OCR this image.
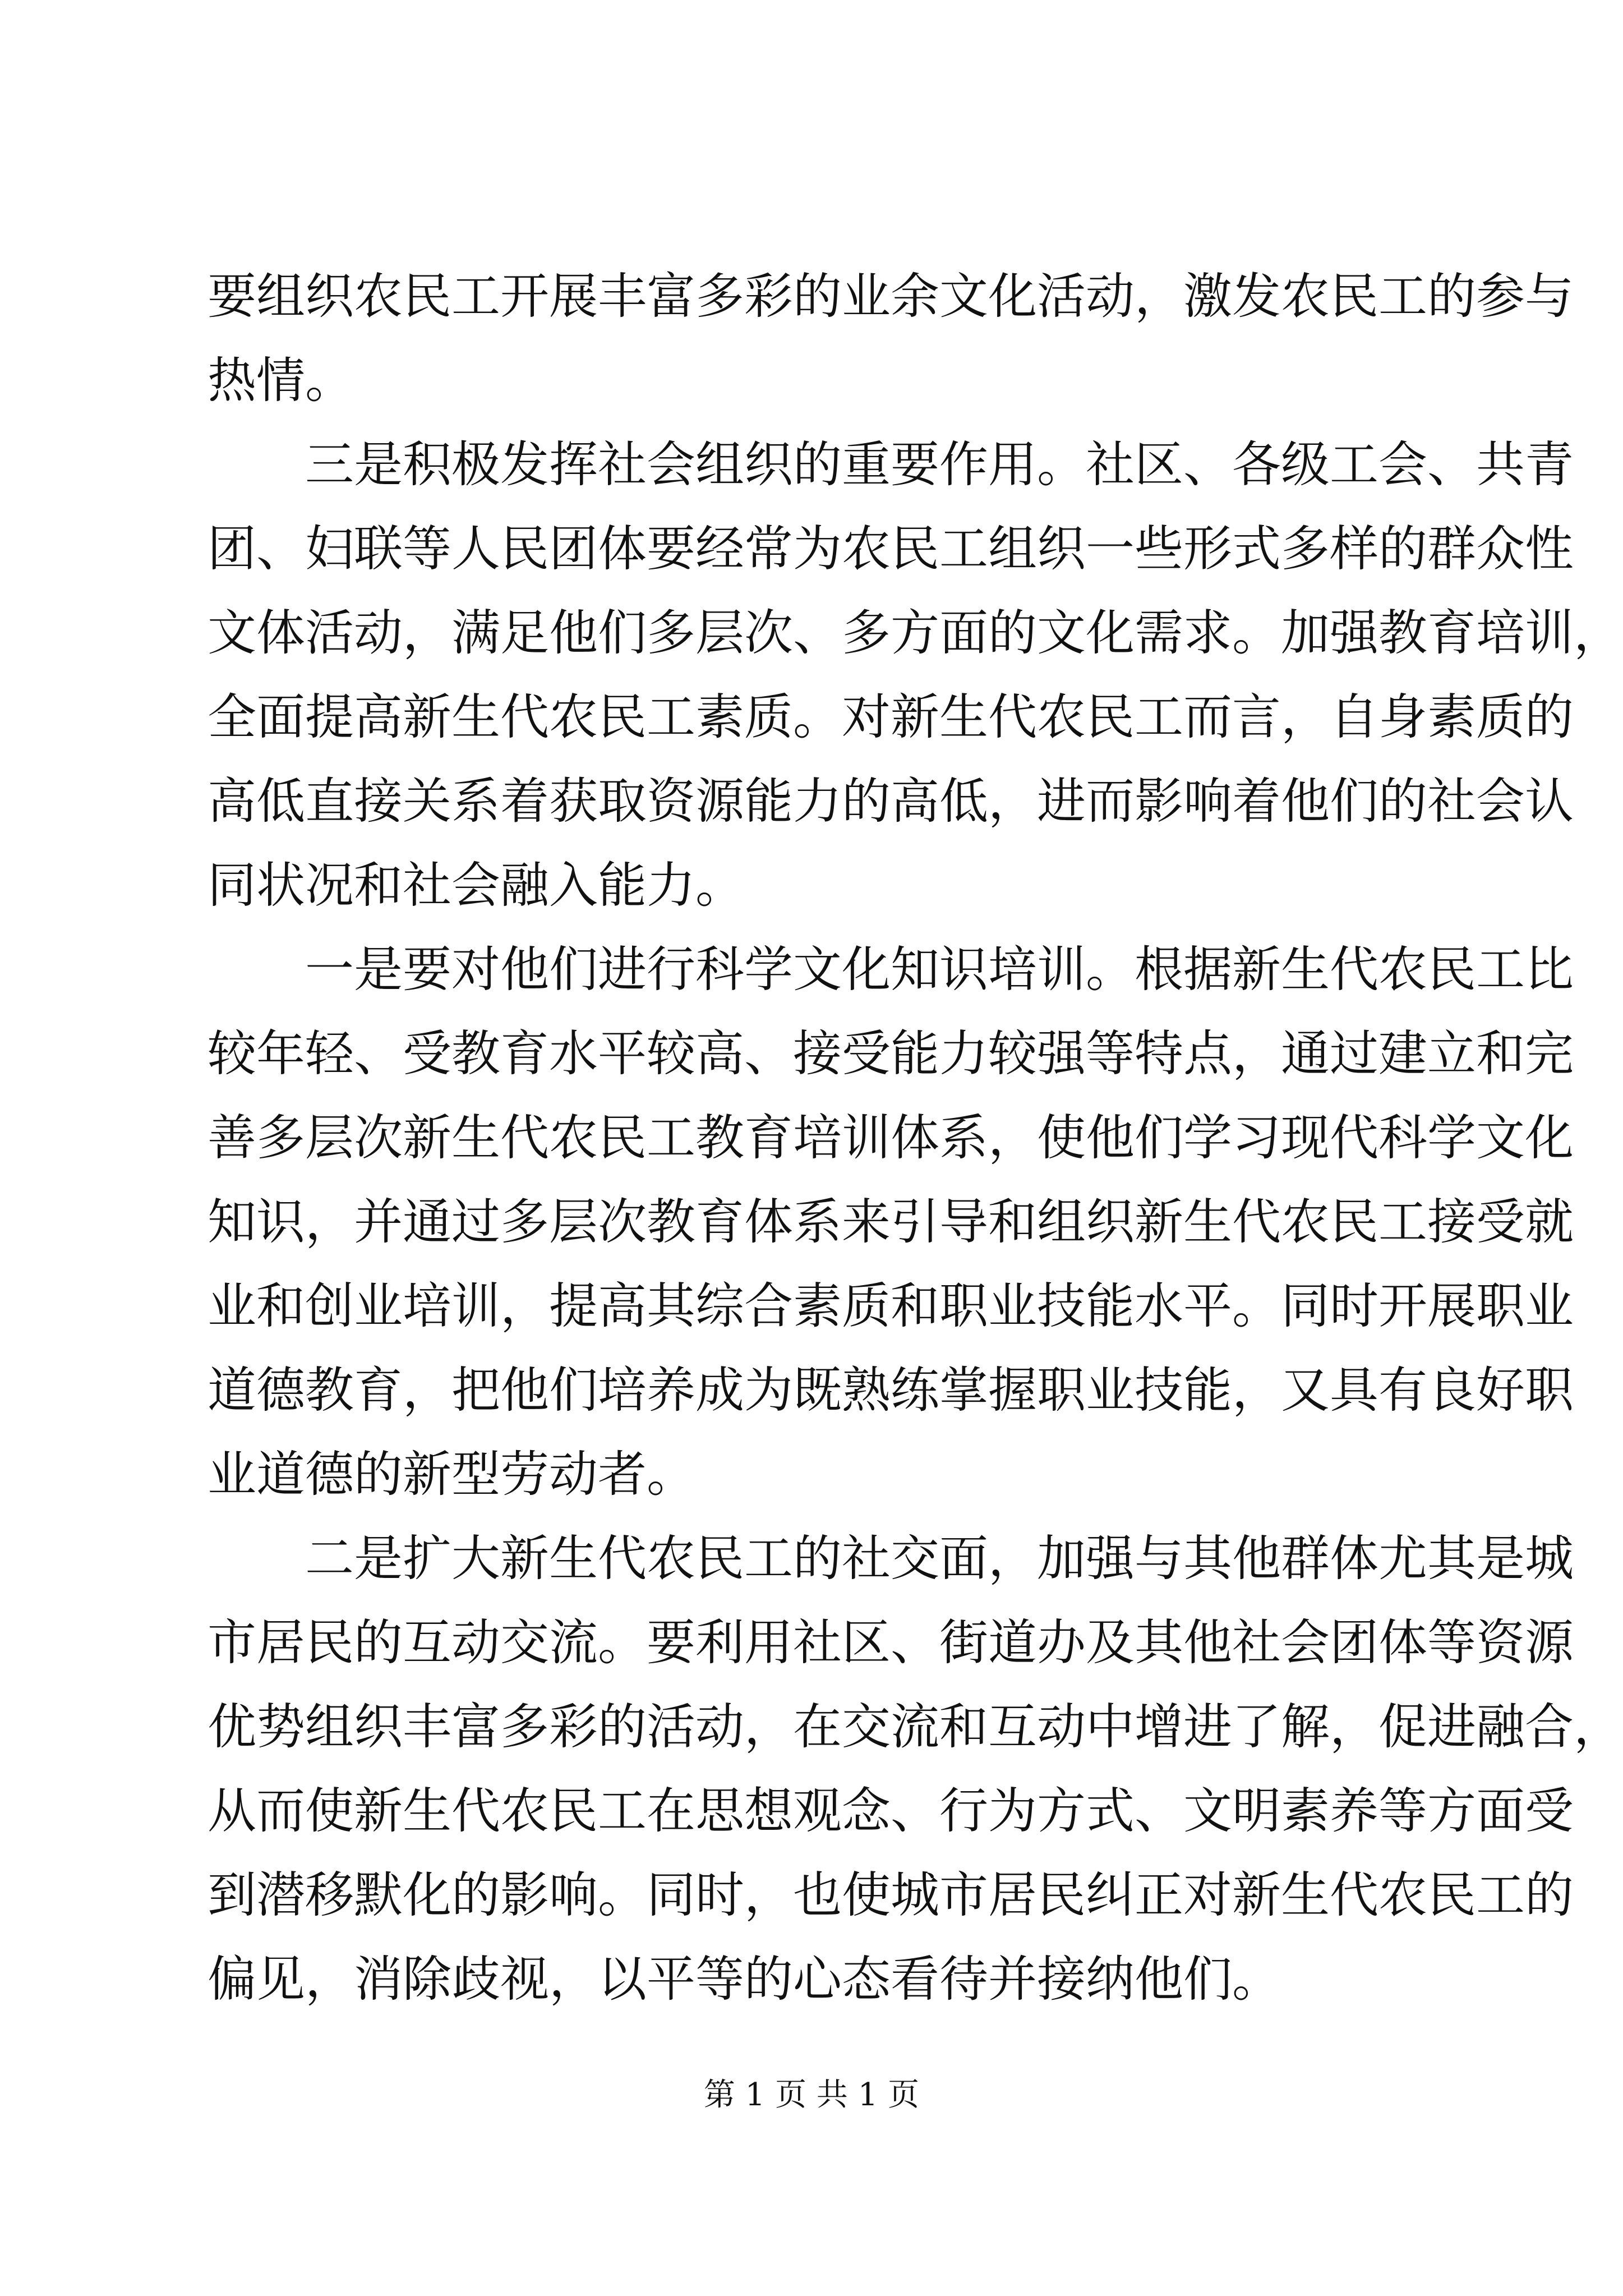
要组织农民工开展丰富多彩的业余文化活动，激发农民工的参与
热情。
三是积极发挥社会组织的重要作用。社区、各级工会、共青
团、妇联等人民团体要经常为农民工组织一些形式多样的群众性
文体活动，满足他们多层次、多方面的文化需求。加强教育培训，
全面提高新生代农民工素质。对新生代农民工而言，自身素质的
高低直接关系着获取资源能力的高低，进而影响着他们的社会认
同状况和社会融入能力。
一是要对他们进行科学文化知识培训。根据新生代农民工比
较年轻、受教育水平较高、接受能力较强等特点，通过建立和完
善多层次新生代农民工教育培训体系，使他们学习现代科学文化
知识，并通过多层次教育体系来引导和组织新生代农民工接受就
业和创业培训，提高其综合素质和职业技能水平。同时开展职业
道德教育，把他们培养成为既熟练掌握职业技能，又具有良好职
业道德的新型劳动者。
二是扩大新生代农民工的社交面，加强与其他群体尤其是城
市居民的互动交流。要利用社区、街道办及其他社会团体等资源
优势组织丰富多彩的活动，在交流和互动中增进了解，促进融合，
从而使新生代农民工在思想观念、行为方式、文明素养等方面受
到潜移默化的影响。同时，也使城市居民纠正对新生代农民工的
偏见，消除歧视，以平等的心态看待并接纳他们。
第 1 页 共 1 页
